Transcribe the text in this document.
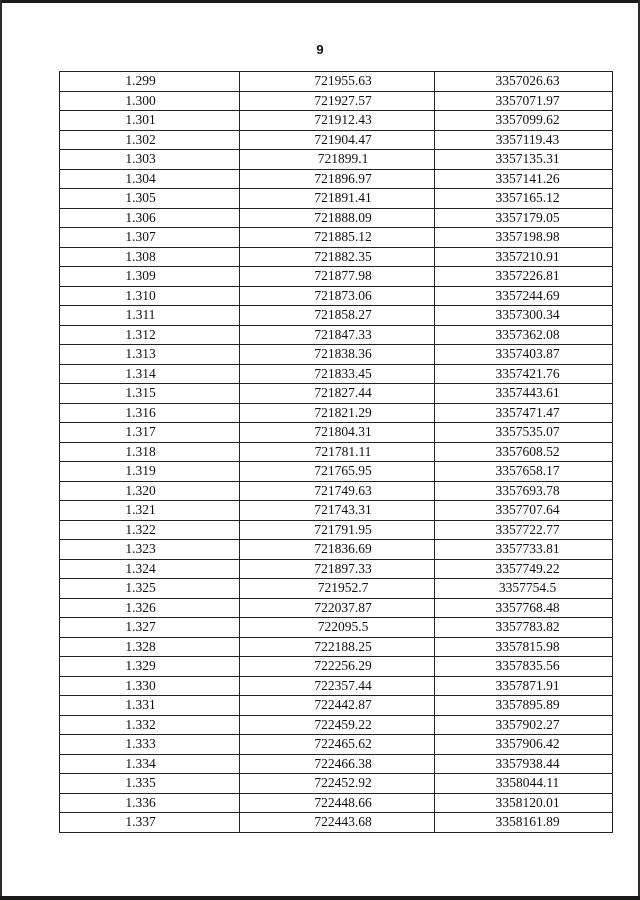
9
1.299	721955.63	3357026.63
1.300	721927.57	3357071.97
1.301	721912.43	3357099.62
1.302	721904.47	3357119.43
1.303	721899.1	3357135.31
1.304	721896.97	3357141.26
1.305	721891.41	3357165.12
1.306	721888.09	3357179.05
1.307	721885.12	3357198.98
1.308	721882.35	3357210.91
1.309	721877.98	3357226.81
1.310	721873.06	3357244.69
1.311	721858.27	3357300.34
1.312	721847.33	3357362.08
1.313	721838.36	3357403.87
1.314	721833.45	3357421.76
1.315	721827.44	3357443.61
1.316	721821.29	3357471.47
1.317	721804.31	3357535.07
1.318	721781.11	3357608.52
1.319	721765.95	3357658.17
1.320	721749.63	3357693.78
1.321	721743.31	3357707.64
1.322	721791.95	3357722.77
1.323	721836.69	3357733.81
1.324	721897.33	3357749.22
1.325	721952.7	3357754.5
1.326	722037.87	3357768.48
1.327	722095.5	3357783.82
1.328	722188.25	3357815.98
1.329	722256.29	3357835.56
1.330	722357.44	3357871.91
1.331	722442.87	3357895.89
1.332	722459.22	3357902.27
1.333	722465.62	3357906.42
1.334	722466.38	3357938.44
1.335	722452.92	3358044.11
1.336	722448.66	3358120.01
1.337	722443.68	3358161.89
